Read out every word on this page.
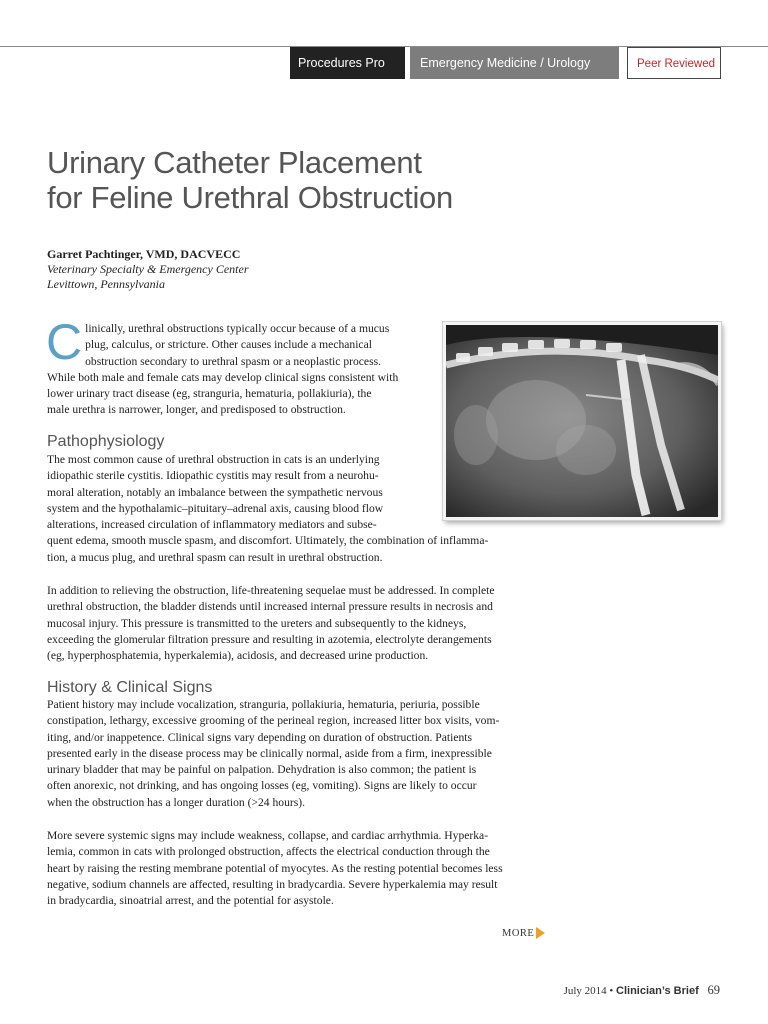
Procedures Pro	Emergency Medicine / Urology	Peer Reviewed
Urinary Catheter Placement
for Feline Urethral Obstruction
Garret Pachtinger, VMD, DACVECC
Veterinary Specialty & Emergency Center
Levittown, Pennsylvania
C linically, urethral obstructions typically occur because of a mucus
plug, calculus, or stricture. Other causes include a mechanical
obstruction secondary to urethral spasm or a neoplastic process.
While both male and female cats may develop clinical signs consistent with
lower urinary tract disease (eg, stranguria, hematuria, pollakiuria), the
male urethra is narrower, longer, and predisposed to obstruction.
Pathophysiology
The most common cause of urethral obstruction in cats is an underlying
idiopathic sterile cystitis. Idiopathic cystitis may result from a neurohu-
moral alteration, notably an imbalance between the sympathetic nervous
system and the hypothalamic–pituitary–adrenal axis, causing blood flow
alterations, increased circulation of inflammatory mediators and subse-
quent edema, smooth muscle spasm, and discomfort. Ultimately, the combination of inflamma-
tion, a mucus plug, and urethral spasm can result in urethral obstruction.
In addition to relieving the obstruction, life-threatening sequelae must be addressed. In complete
urethral obstruction, the bladder distends until increased internal pressure results in necrosis and
mucosal injury. This pressure is transmitted to the ureters and subsequently to the kidneys,
exceeding the glomerular filtration pressure and resulting in azotemia, electrolyte derangements
(eg, hyperphosphatemia, hyperkalemia), acidosis, and decreased urine production.
History & Clinical Signs
Patient history may include vocalization, stranguria, pollakiuria, hematuria, periuria, possible
constipation, lethargy, excessive grooming of the perineal region, increased litter box visits, vom-
iting, and/or inappetence. Clinical signs vary depending on duration of obstruction. Patients
presented early in the disease process may be clinically normal, aside from a firm, inexpressible
urinary bladder that may be painful on palpation. Dehydration is also common; the patient is
often anorexic, not drinking, and has ongoing losses (eg, vomiting). Signs are likely to occur
when the obstruction has a longer duration (>24 hours).
More severe systemic signs may include weakness, collapse, and cardiac arrhythmia. Hyperka-
lemia, common in cats with prolonged obstruction, affects the electrical conduction through the
heart by raising the resting membrane potential of myocytes. As the resting potential becomes less
negative, sodium channels are affected, resulting in bradycardia. Severe hyperkalemia may result
in bradycardia, sinoatrial arrest, and the potential for asystole.
MORE
July 2014 • Clinician’s Brief 69
